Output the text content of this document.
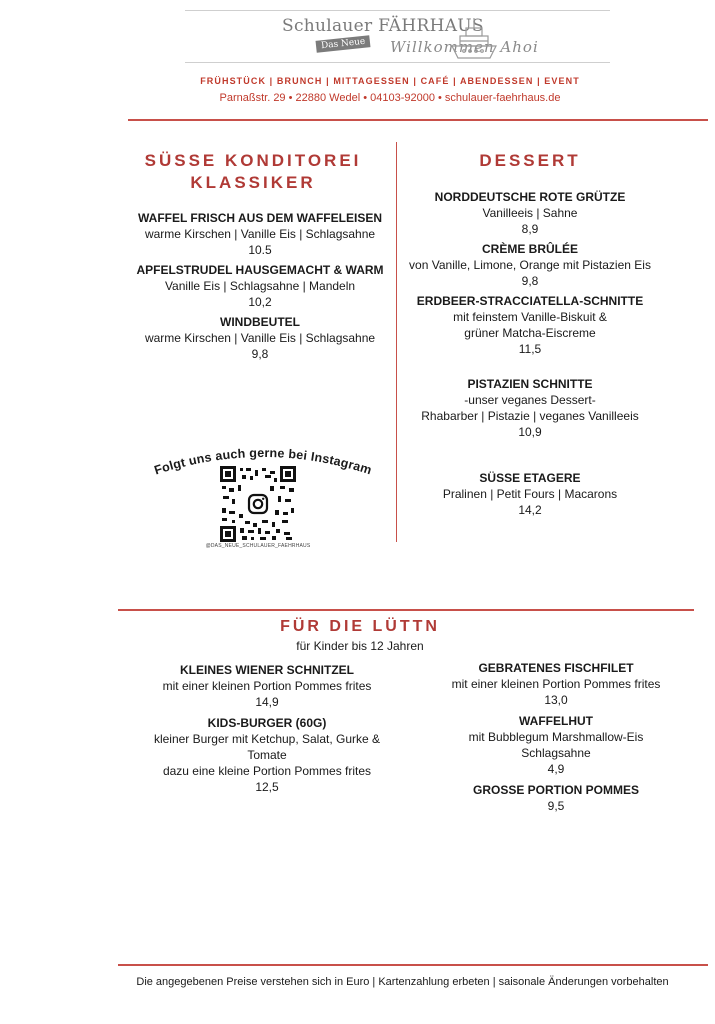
Schulauer FÄHRHAUS
Das Neue	Willkommen Ahoi
FRÜHSTÜCK | BRUNCH | MITTAGESSEN | CAFÉ | ABENDESSEN | EVENT
Parnaßstr. 29 • 22880 Wedel • 04103-92000 • schulauer-faehrhaus.de
SÜSSE KONDITOREI
KLASSIKER
WAFFEL FRISCH AUS DEM WAFFELEISEN
warme Kirschen | Vanille Eis | Schlagsahne
10.5
APFELSTRUDEL HAUSGEMACHT & WARM
Vanille Eis | Schlagsahne | Mandeln
10,2
WINDBEUTEL
warme Kirschen | Vanille Eis | Schlagsahne
9,8
Folgt uns auch gerne bei Instagram
@DAS_NEUE_SCHULAUER_FAEHRHAUS
DESSERT
NORDDEUTSCHE ROTE GRÜTZE
Vanilleeis | Sahne
8,9
CRÈME BRÛLÉE
von Vanille, Limone, Orange mit Pistazien Eis
9,8
ERDBEER-STRACCIATELLA-SCHNITTE
mit feinstem Vanille-Biskuit &
grüner Matcha-Eiscreme
11,5
PISTAZIEN SCHNITTE
-unser veganes Dessert-
Rhabarber | Pistazie | veganes Vanilleeis
10,9
SÜSSE ETAGERE
Pralinen | Petit Fours | Macarons
14,2
FÜR DIE LÜTTN
für Kinder bis 12 Jahren
KLEINES WIENER SCHNITZEL
mit einer kleinen Portion Pommes frites
14,9
KIDS-BURGER (60G)
kleiner Burger mit Ketchup, Salat, Gurke &
Tomate
dazu eine kleine Portion Pommes frites
12,5
GEBRATENES FISCHFILET
mit einer kleinen Portion Pommes frites
13,0
WAFFELHUT
mit Bubblegum Marshmallow-Eis
Schlagsahne
4,9
GROSSE PORTION POMMES
9,5
Die angegebenen Preise verstehen sich in Euro | Kartenzahlung erbeten | saisonale Änderungen vorbehalten
